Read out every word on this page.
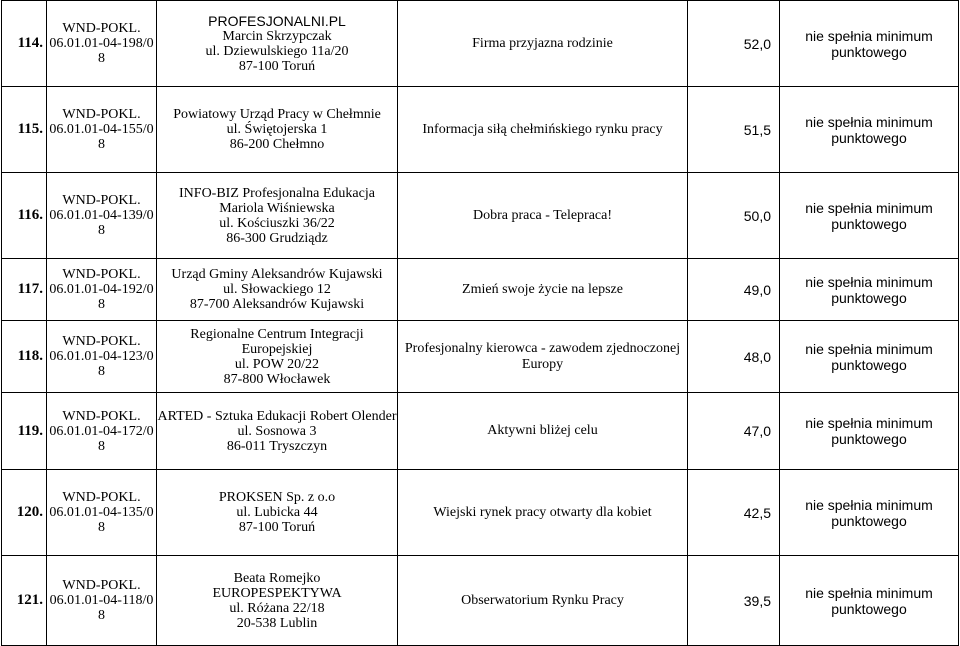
114.	WND-POKL.
06.01.01-04-198/0
8	PROFESJONALNI.PL
Marcin Skrzypczak
ul. Dziewulskiego 11a/20
87-100 Toruń	Firma przyjazna rodzinie	52,0	nie spełnia minimum
punktowego

115.	WND-POKL.
06.01.01-04-155/0
8	Powiatowy Urząd Pracy w Chełmnie
ul. Świętojerska 1
86-200 Chełmno	Informacja siłą chełmińskiego rynku pracy	51,5	nie spełnia minimum
punktowego

116.	WND-POKL.
06.01.01-04-139/0
8	INFO-BIZ Profesjonalna Edukacja
Mariola Wiśniewska
ul. Kościuszki 36/22
86-300 Grudziądz	Dobra praca - Telepraca!	50,0	nie spełnia minimum
punktowego

117.	WND-POKL.
06.01.01-04-192/0
8	Urząd Gminy Aleksandrów Kujawski
ul. Słowackiego 12
87-700 Aleksandrów Kujawski	Zmień swoje życie na lepsze	49,0	nie spełnia minimum
punktowego

118.	WND-POKL.
06.01.01-04-123/0
8	Regionalne Centrum Integracji
Europejskiej
ul. POW 20/22
87-800 Włocławek	Profesjonalny kierowca - zawodem zjednoczonej Europy	48,0	nie spełnia minimum
punktowego

119.	WND-POKL.
06.01.01-04-172/0
8	ARTED - Sztuka Edukacji Robert Olender
ul. Sosnowa 3
86-011 Tryszczyn	Aktywni bliżej celu	47,0	nie spełnia minimum
punktowego

120.	WND-POKL.
06.01.01-04-135/0
8	PROKSEN Sp. z o.o
ul. Lubicka 44
87-100 Toruń	Wiejski rynek pracy otwarty dla kobiet	42,5	nie spełnia minimum
punktowego

121.	WND-POKL.
06.01.01-04-118/0
8	Beata Romejko
EUROPESPEKTYWA
ul. Różana 22/18
20-538 Lublin	Obserwatorium Rynku Pracy	39,5	nie spełnia minimum
punktowego
